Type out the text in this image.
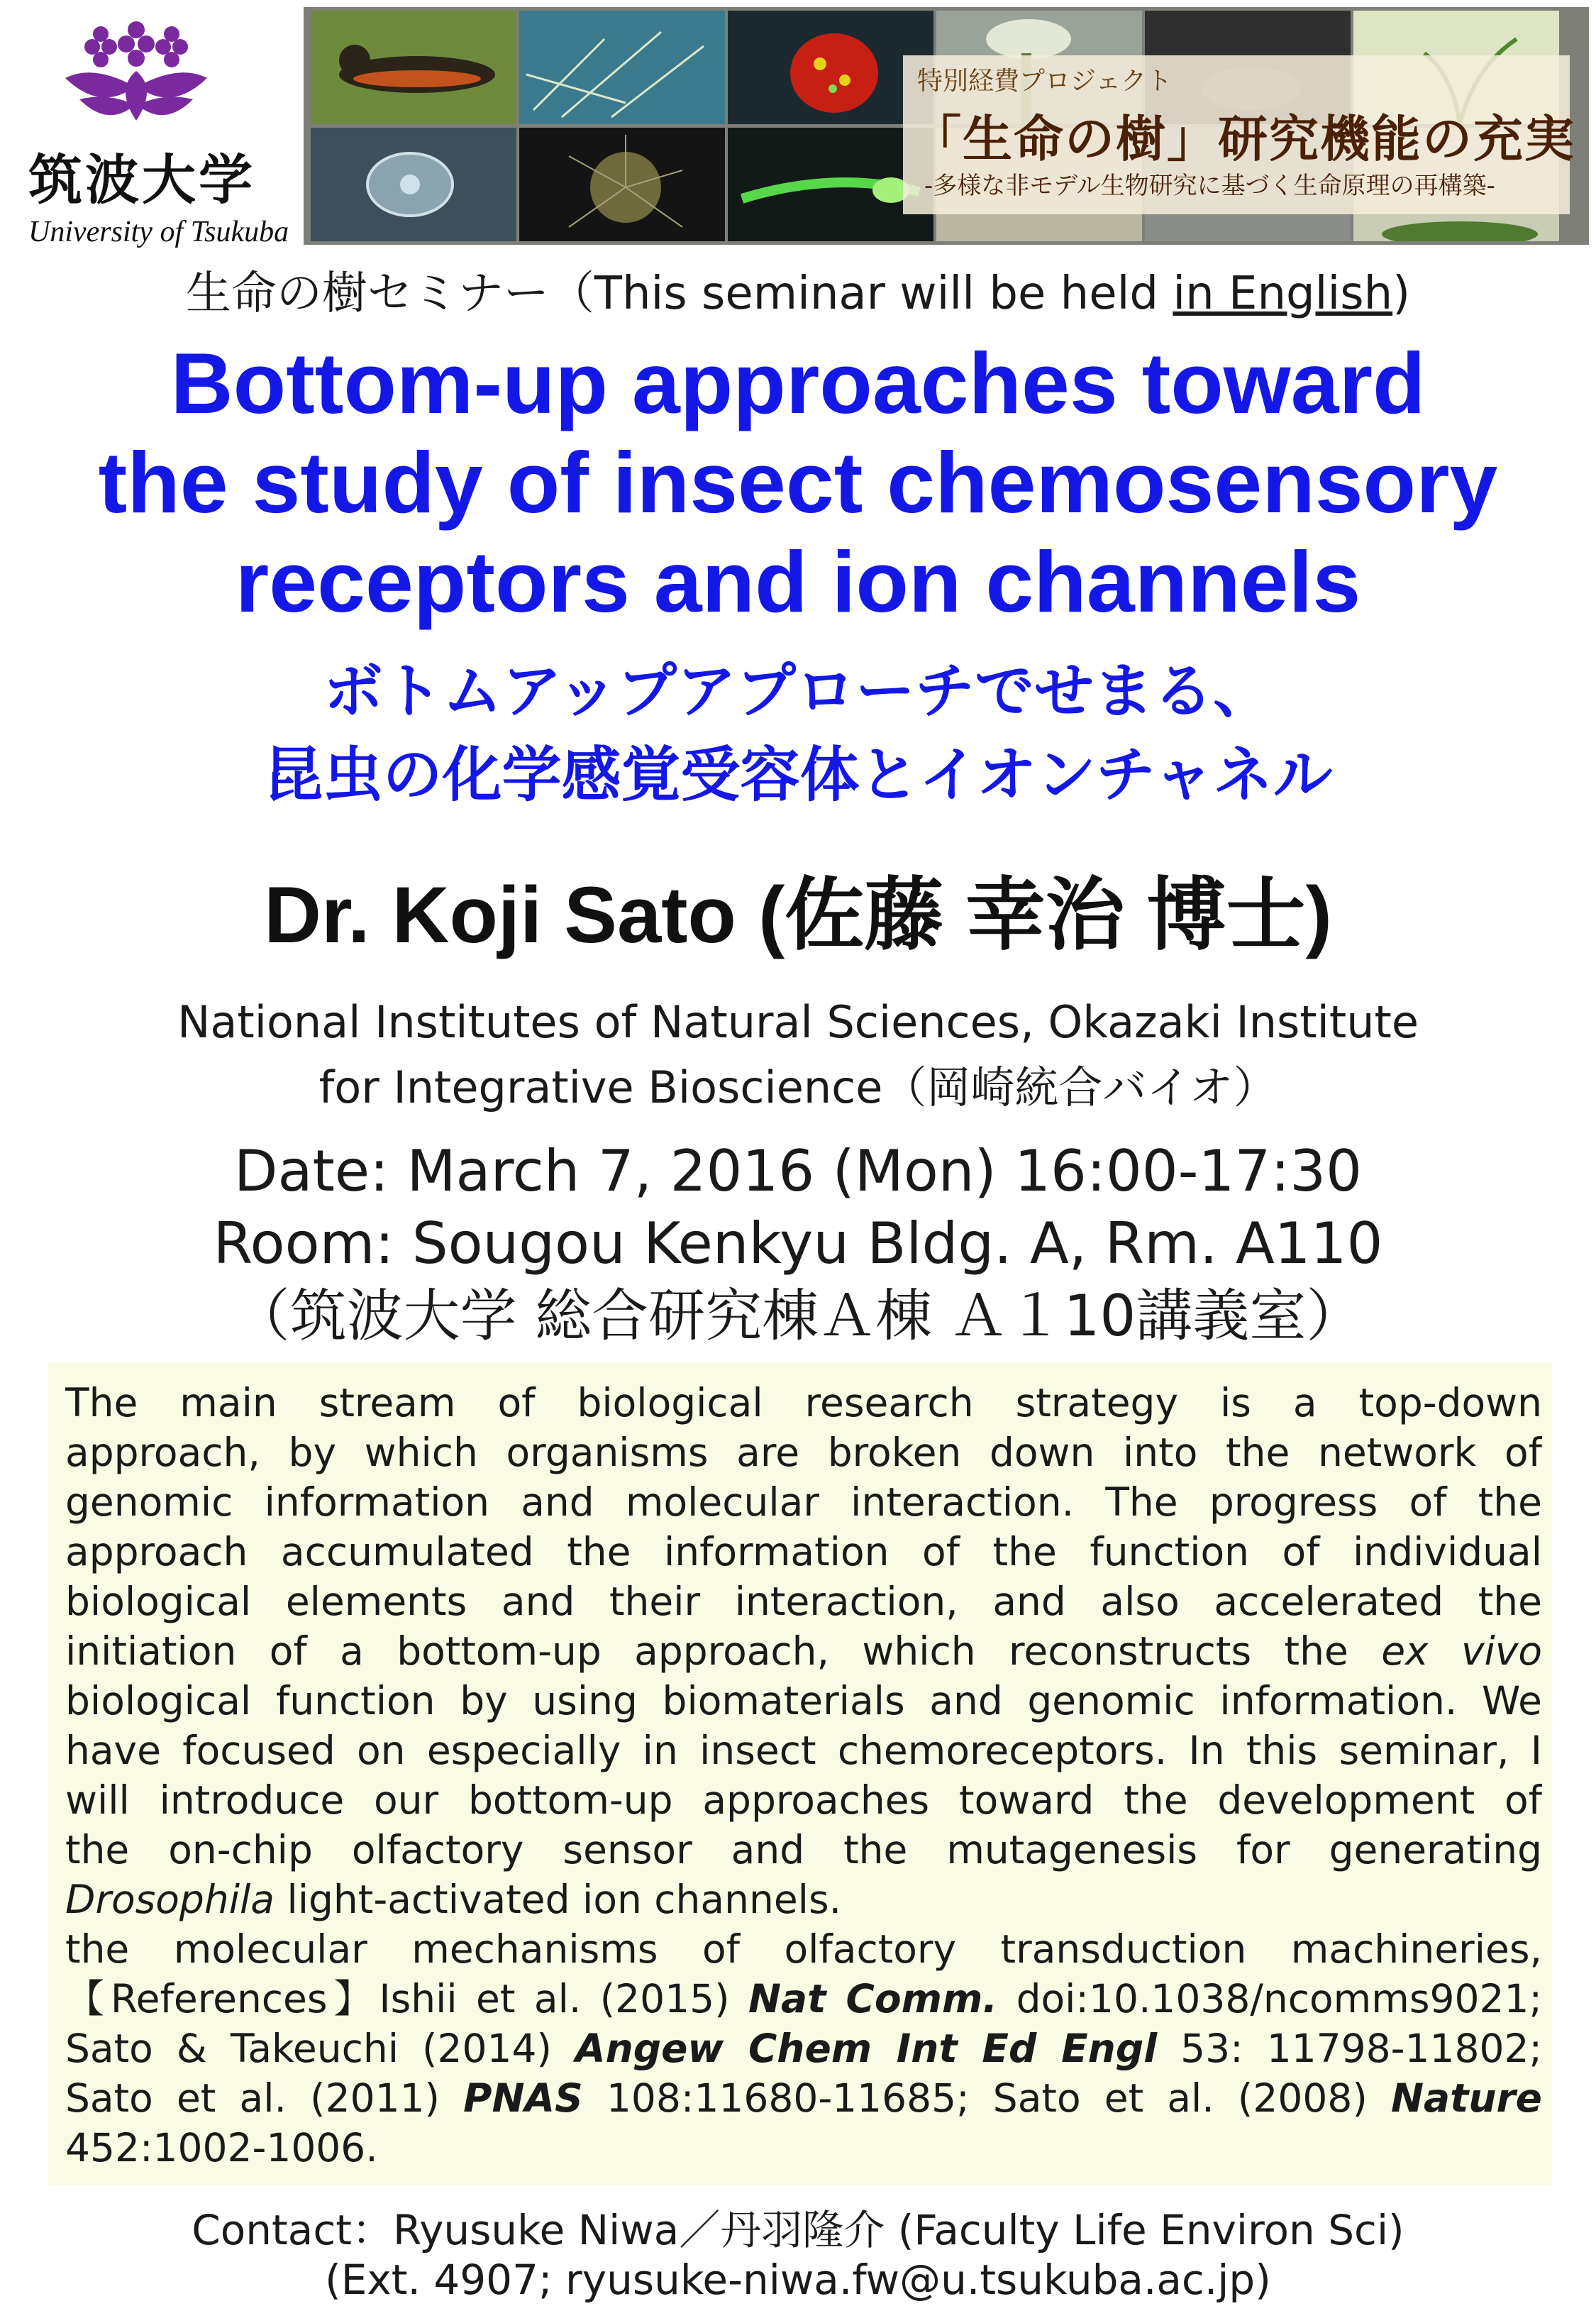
筑波大学
University of Tsukuba
特別経費プロジェクト
「生命の樹」研究機能の充実
‐多様な非モデル生物研究に基づく生命原理の再構築‐
生命の樹セミナー（This seminar will be held in English)
Bottom-up approaches toward
the study of insect chemosensory
receptors and ion channels
ボトムアップアプローチでせまる、
昆虫の化学感覚受容体とイオンチャネル
Dr. Koji Sato (佐藤 幸治 博士)
National Institutes of Natural Sciences, Okazaki Institute
for Integrative Bioscience（岡崎統合バイオ）
Date: March 7, 2016 (Mon) 16:00-17:30
Room: Sougou Kenkyu Bldg. A, Rm. A110
（筑波大学 総合研究棟Ａ棟 Ａ１10講義室）
The main stream of biological research strategy is a top-down
approach, by which organisms are broken down into the network of
genomic information and molecular interaction. The progress of the
approach accumulated the information of the function of individual
biological elements and their interaction, and also accelerated the
initiation of a bottom-up approach, which reconstructs the ex vivo
biological function by using biomaterials and genomic information. We
have focused on especially in insect chemoreceptors. In this seminar, I
will introduce our bottom-up approaches toward the development of
the on-chip olfactory sensor and the mutagenesis for generating
Drosophila light-activated ion channels.
the molecular mechanisms of olfactory transduction machineries,
【References】Ishii et al. (2015) Nat Comm. doi:10.1038/ncomms9021;
Sato & Takeuchi (2014) Angew Chem Int Ed Engl 53: 11798-11802;
Sato et al. (2011) PNAS 108:11680-11685; Sato et al. (2008) Nature
452:1002-1006.
Contact：Ryusuke Niwa／丹羽隆介 (Faculty Life Environ Sci)
(Ext. 4907; ryusuke-niwa.fw@u.tsukuba.ac.jp)
